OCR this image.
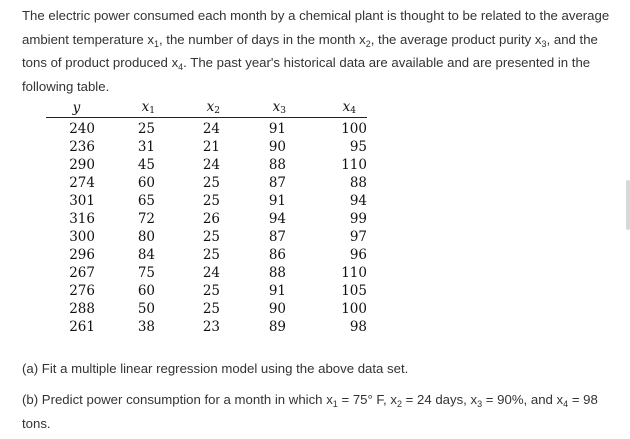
The electric power consumed each month by a chemical plant is thought to be related to the average ambient temperature $x_1$, the number of days in the month $x_2$, the average product purity $x_3$, and the tons of product produced $x_4$. The past year's historical data are available and are presented in the following table.

y	x1	x2	x3	x4
240	25	24	91	100
236	31	21	90	95
290	45	24	88	110
274	60	25	87	88
301	65	25	91	94
316	72	26	94	99
300	80	25	87	97
296	84	25	86	96
267	75	24	88	110
276	60	25	91	105
288	50	25	90	100
261	38	23	89	98

(a) Fit a multiple linear regression model using the above data set.

(b) Predict power consumption for a month in which $x_1 = 75^\circ$ F, $x_2 = 24$ days, $x_3 = 90\%$, and $x_4 = 98$ tons.
